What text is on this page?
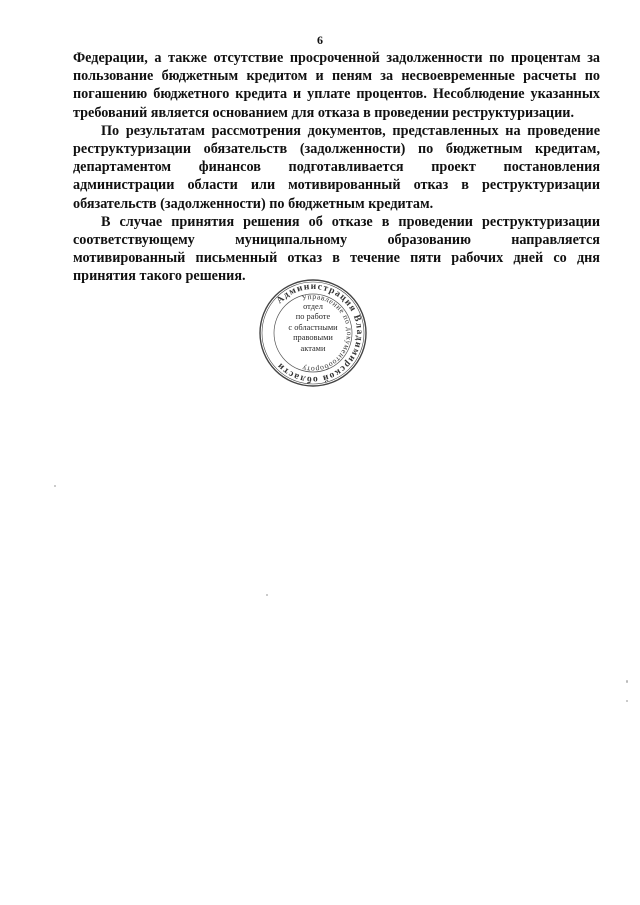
6

Федерации, а также отсутствие просроченной задолженности по процентам за пользование бюджетным кредитом и пеням за несвоевременные расчеты по погашению бюджетного кредита и уплате процентов. Несоблюдение указанных требований является основанием для отказа в проведении реструктуризации.

По результатам рассмотрения документов, представленных на проведение реструктуризации обязательств (задолженности) по бюджетным кредитам, департаментом финансов подготавливается проект постановления администрации области или мотивированный отказ в реструктуризации обязательств (задолженности) по бюджетным кредитам.

В случае принятия решения об отказе в проведении реструктуризации соответствующему муниципальному образованию направляется мотивированный письменный отказ в течение пяти рабочих дней со дня принятия такого решения.

Администрация Владимирской области
Управление по документообороту
отдел
по работе
с областными
правовыми
актами
